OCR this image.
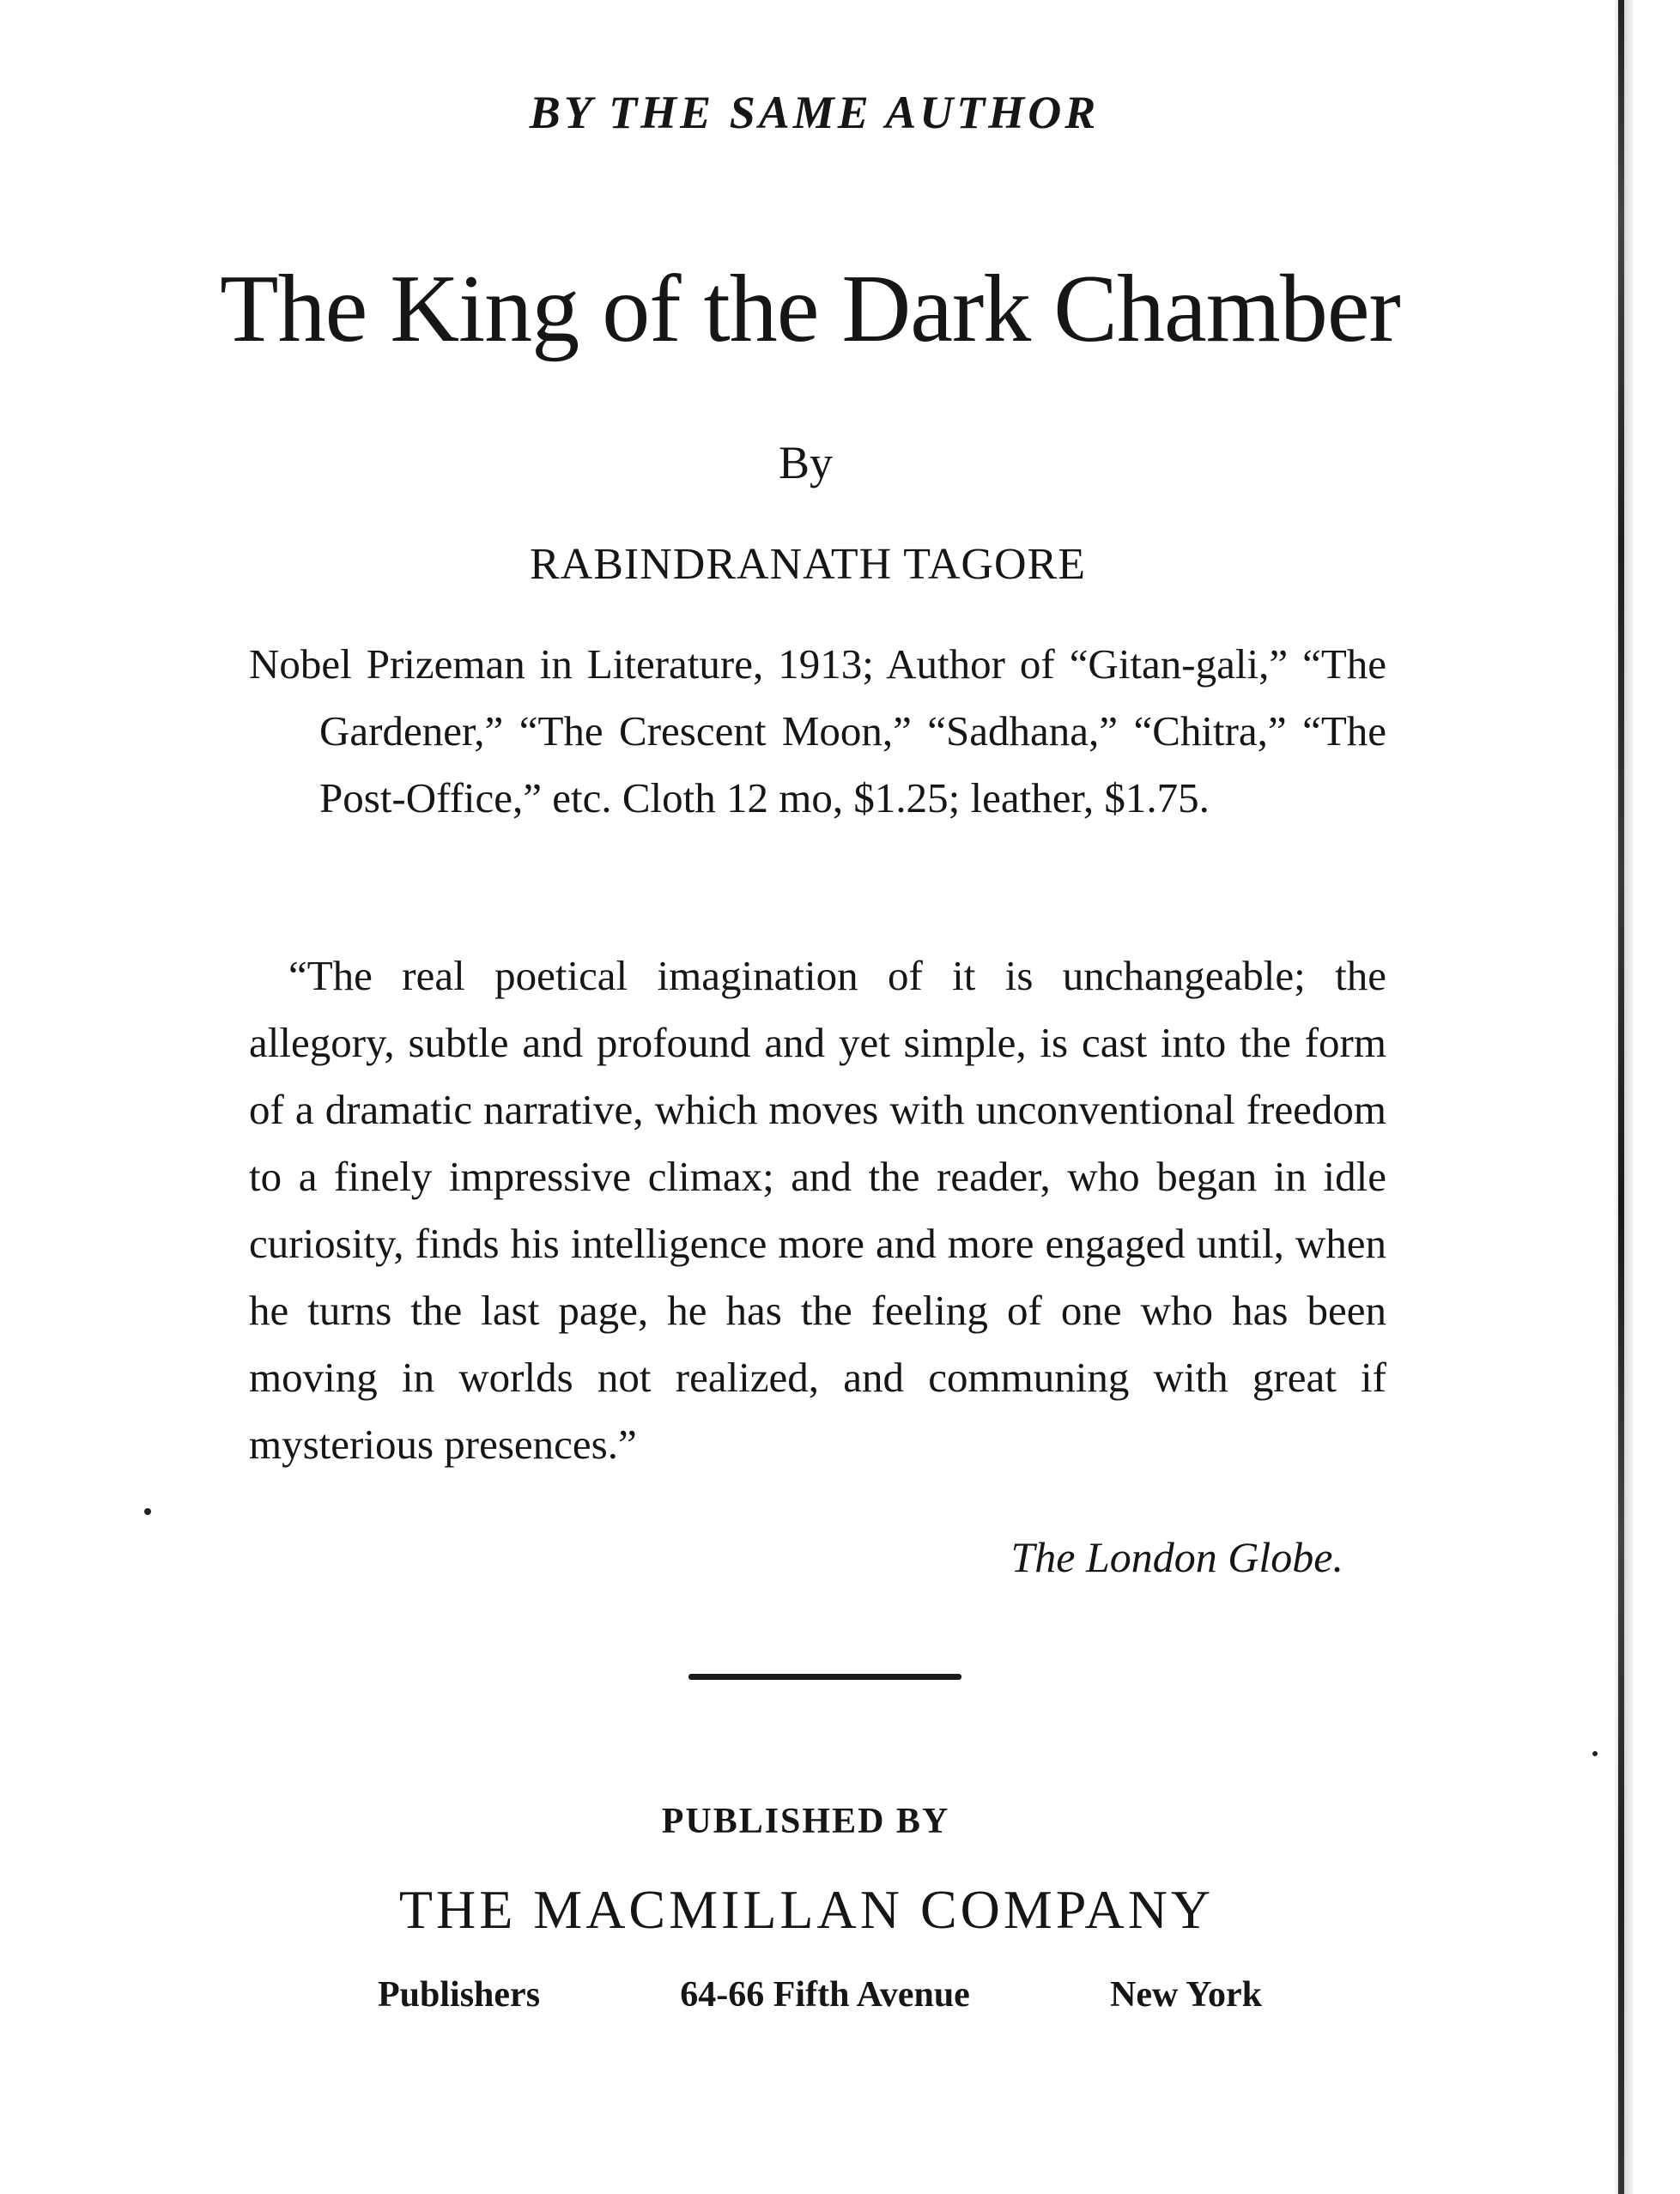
BY THE SAME AUTHOR
The King of the Dark Chamber
By
RABINDRANATH TAGORE
Nobel Prizeman in Literature, 1913; Author of “Gitan-gali,” “The Gardener,” “The Crescent Moon,” “Sadhana,” “Chitra,” “The Post-Office,” etc. Cloth 12 mo, $1.25; leather, $1.75.
“The real poetical imagination of it is unchangeable; the allegory, subtle and profound and yet simple, is cast into the form of a dramatic narrative, which moves with unconventional freedom to a finely impressive climax; and the reader, who began in idle curiosity, finds his intelligence more and more engaged until, when he turns the last page, he has the feeling of one who has been moving in worlds not realized, and communing with great if mysterious presences.”
The London Globe.
PUBLISHED BY
THE MACMILLAN COMPANY
Publishers	64-66 Fifth Avenue	New York
